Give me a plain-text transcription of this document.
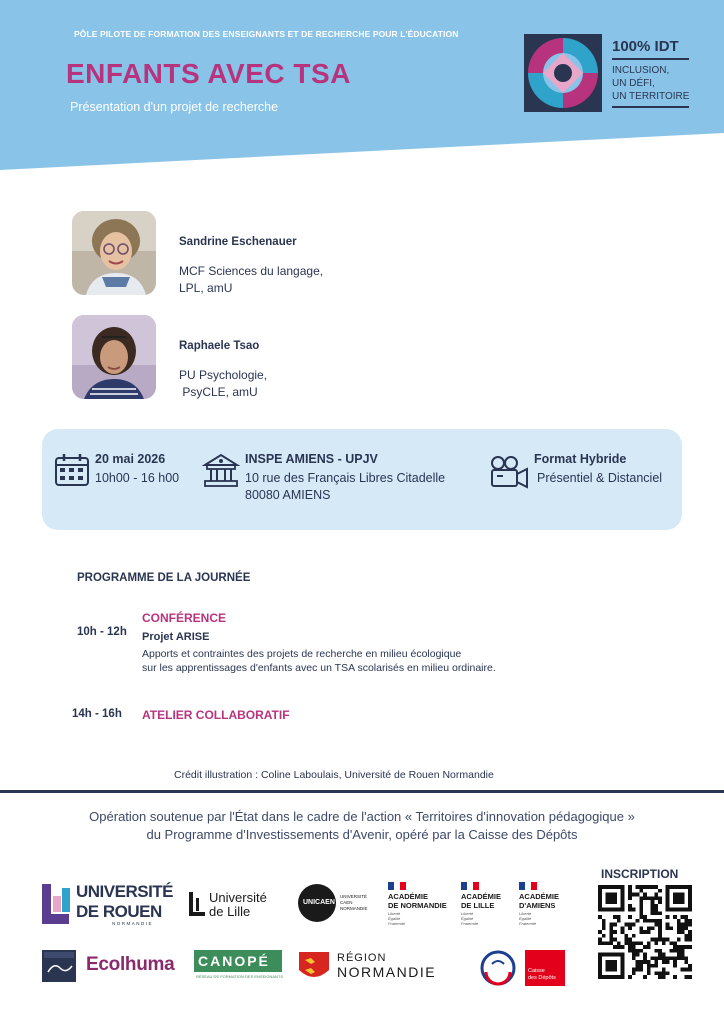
PÔLE PILOTE DE FORMATION DES ENSEIGNANTS ET DE RECHERCHE POUR L'ÉDUCATION
ENFANTS AVEC TSA
Présentation d'un projet de recherche
100% IDT
INCLUSION,
UN DÉFI,
UN TERRITOIRE
Sandrine Eschenauer
MCF Sciences du langage,
LPL, amU
Raphaele Tsao
PU Psychologie,
PsyCLE, amU
20 mai 2026
10h00 - 16 h00
INSPE AMIENS - UPJV
10 rue des Français Libres Citadelle
80080 AMIENS
Format Hybride
Présentiel & Distanciel
PROGRAMME DE LA JOURNÉE
10h - 12h
CONFÉRENCE
Projet ARISE
Apports et contraintes des projets de recherche en milieu écologique
sur les apprentissages d'enfants avec un TSA scolarisés en milieu ordinaire.
14h - 16h ATELIER COLLABORATIF
Crédit illustration : Coline Laboulais, Université de Rouen Normandie
Opération soutenue par l'État dans le cadre de l'action « Territoires d'innovation pédagogique »
du Programme d'Investissements d'Avenir, opéré par la Caisse des Dépôts
INSCRIPTION
UNIVERSITÉ
DE ROUEN
NORMANDIE
Université
de Lille
UNICAEN
UNIVERSITÉ
CAEN
NORMANDIE
ACADÉMIE
DE NORMANDIE
Liberté
Égalité
Fraternité
ACADÉMIE
DE LILLE
Liberté
Égalité
Fraternité
ACADÉMIE
D'AMIENS
Liberté
Égalité
Fraternité
Ecolhuma CANOPÉ
RÉSEAU DE FORMATION DES ENSEIGNANTS
RÉGION
NORMANDIE	Caisse
des Dépôts
